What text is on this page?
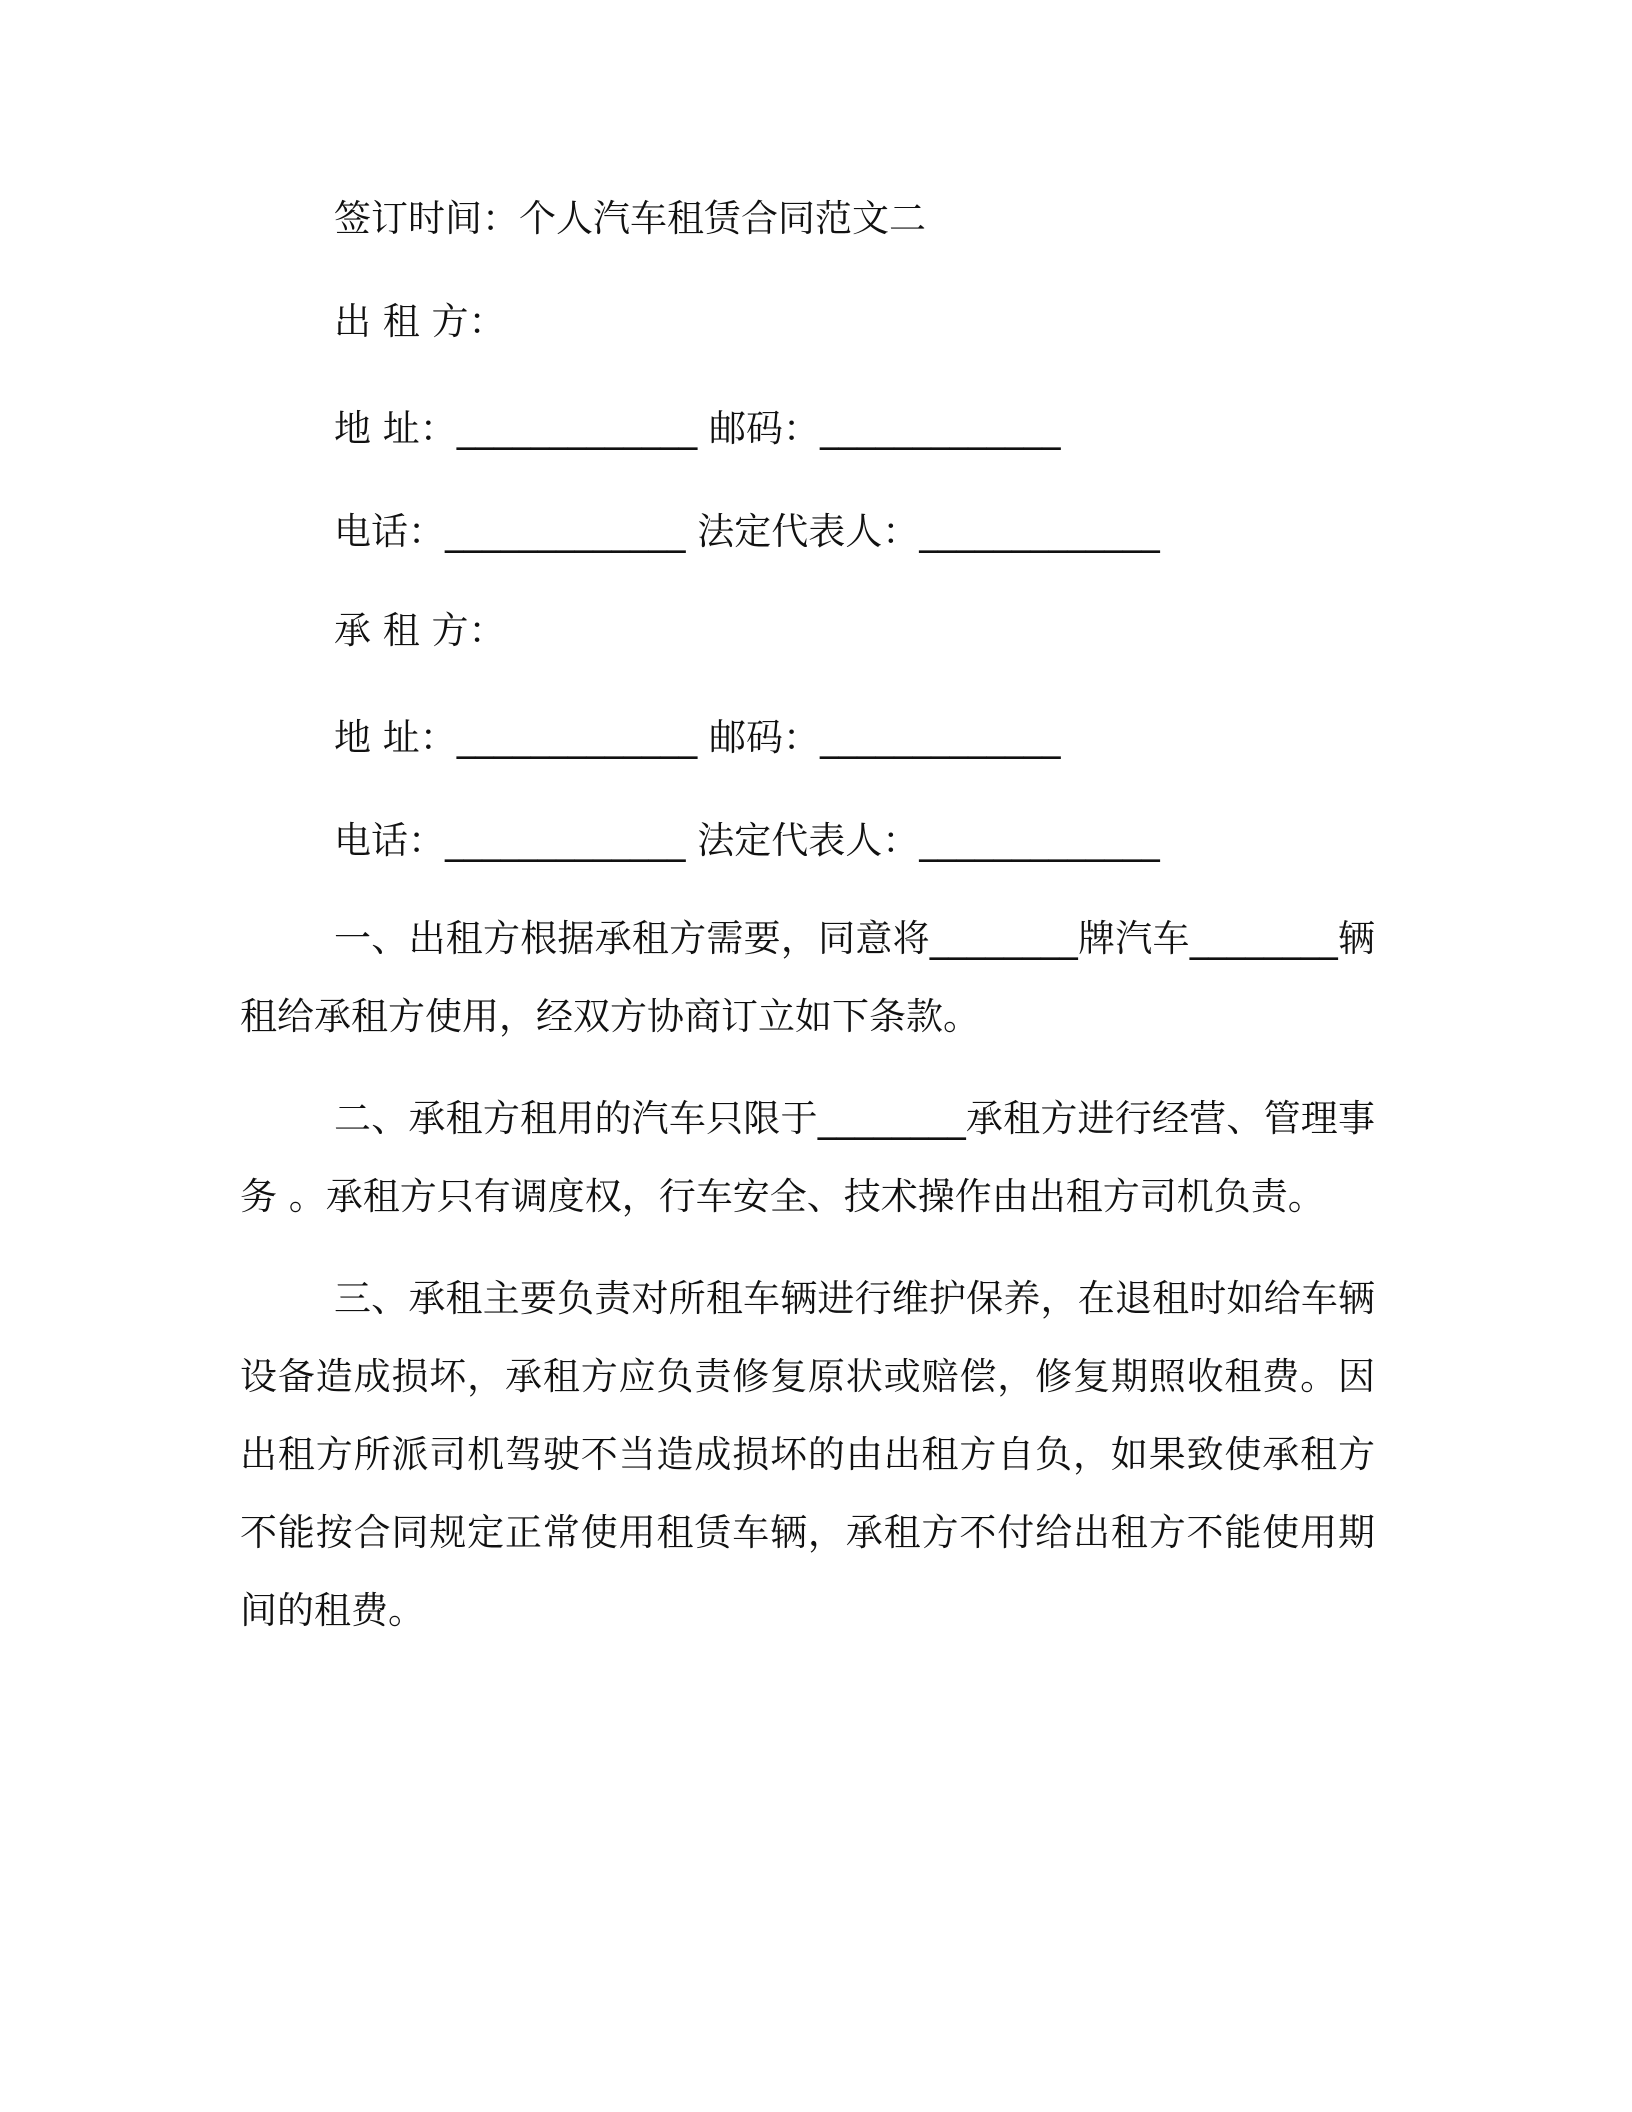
签订时间：个人汽车租赁合同范文二
出 租 方：
地 址：_____________ 邮码：_____________
电话：_____________ 法定代表人：_____________
承 租 方：
地 址：_____________ 邮码：_____________
电话：_____________ 法定代表人：_____________

一、出租方根据承租方需要，同意将________牌汽车________辆租给承租方使用，经双方协商订立如下条款。

二、承租方租用的汽车只限于________承租方进行经营、管理事务 。承租方只有调度权，行车安全、技术操作由出租方司机负责。

三、承租主要负责对所租车辆进行维护保养，在退租时如给车辆设备造成损坏，承租方应负责修复原状或赔偿，修复期照收租费。因出租方所派司机驾驶不当造成损坏的由出租方自负，如果致使承租方不能按合同规定正常使用租赁车辆，承租方不付给出租方不能使用期间的租费。
